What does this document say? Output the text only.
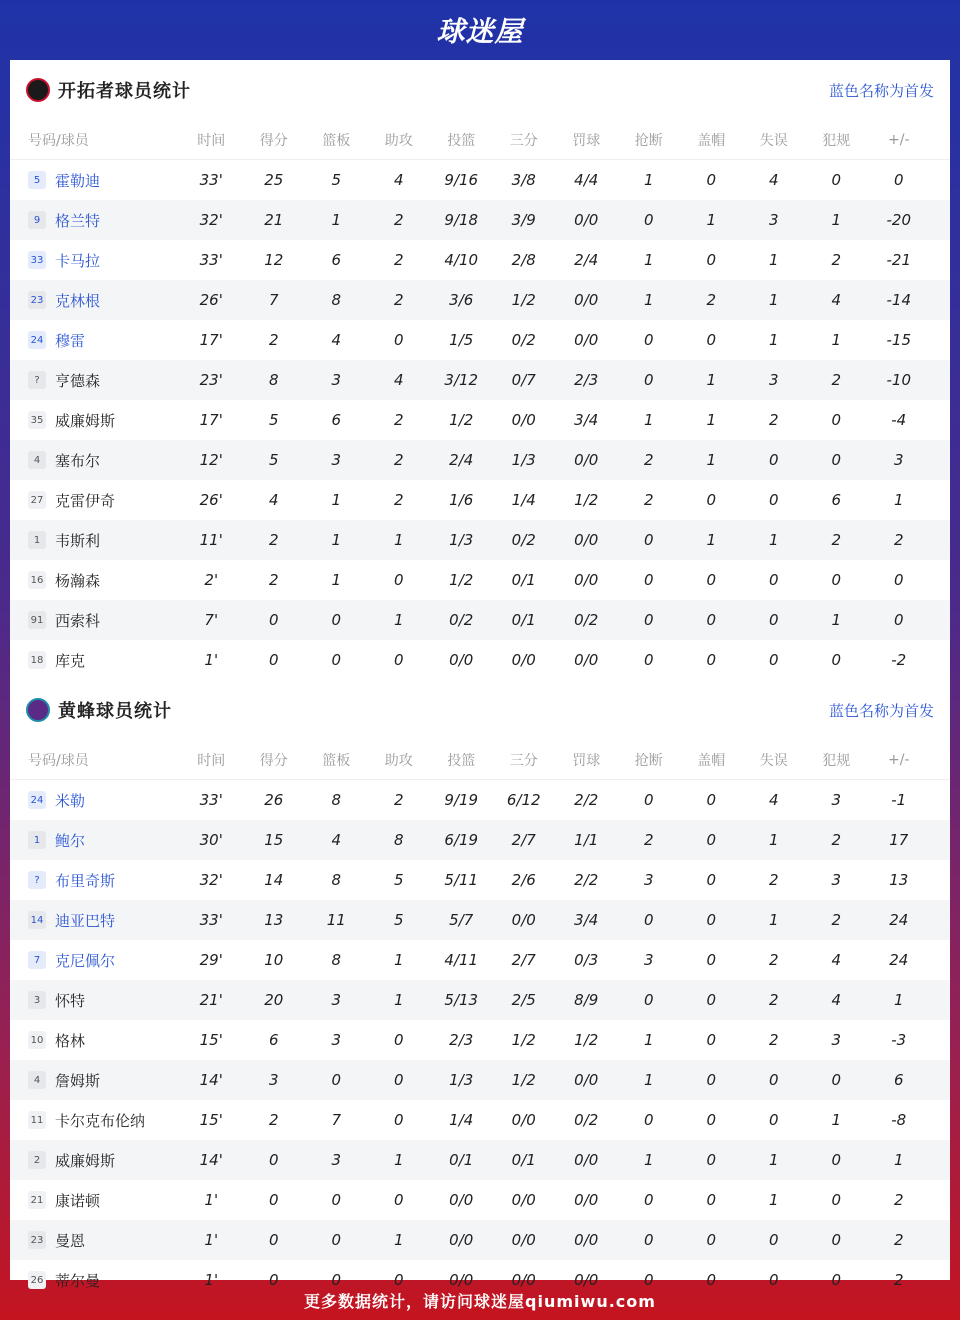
球迷屋
开拓者球员统计	蓝色名称为首发
号码/球员	时间	得分	篮板	助攻	投篮	三分	罚球	抢断	盖帽	失误	犯规	+/-
5 霍勒迪	33'	25	5	4	9/16	3/8	4/4	1	0	4	0	0
9 格兰特	32'	21	1	2	9/18	3/9	0/0	0	1	3	1	-20
33 卡马拉	33'	12	6	2	4/10	2/8	2/4	1	0	1	2	-21
23 克林根	26'	7	8	2	3/6	1/2	0/0	1	2	1	4	-14
24 穆雷	17'	2	4	0	1/5	0/2	0/0	0	0	1	1	-15
?	亨德森	23'	8	3	4	3/12	0/7	2/3	0	1	3	2	-10
35 威廉姆斯	17'	5	6	2	1/2	0/0	3/4	1	1	2	0	-4
4 塞布尔	12'	5	3	2	2/4	1/3	0/0	2	1	0	0	3
27 克雷伊奇	26'	4	1	2	1/6	1/4	1/2	2	0	0	6	1
1 韦斯利	11'	2	1	1	1/3	0/2	0/0	0	1	1	2	2
16 杨瀚森	2'	2	1	0	1/2	0/1	0/0	0	0	0	0	0
91 西索科	7'	0	0	1	0/2	0/1	0/2	0	0	0	1	0
18 库克	1'	0	0	0	0/0	0/0	0/0	0	0	0	0	-2
黄蜂球员统计	蓝色名称为首发
号码/球员	时间	得分	篮板	助攻	投篮	三分	罚球	抢断	盖帽	失误	犯规	+/-
24 米勒	33'	26	8	2	9/19	6/12	2/2	0	0	4	3	-1
1 鲍尔	30'	15	4	8	6/19	2/7	1/1	2	0	1	2	17
?	布里奇斯	32'	14	8	5	5/11	2/6	2/2	3	0	2	3	13
14 迪亚巴特	33'	13	11	5	5/7	0/0	3/4	0	0	1	2	24
7 克尼佩尔	29'	10	8	1	4/11	2/7	0/3	3	0	2	4	24
3 怀特	21'	20	3	1	5/13	2/5	8/9	0	0	2	4	1
10 格林	15'	6	3	0	2/3	1/2	1/2	1	0	2	3	-3
4 詹姆斯	14'	3	0	0	1/3	1/2	0/0	1	0	0	0	6
11 卡尔克布伦纳	15'	2	7	0	1/4	0/0	0/2	0	0	0	1	-8
2 威廉姆斯	14'	0	3	1	0/1	0/1	0/0	1	0	1	0	1
21 康诺顿	1'	0	0	0	0/0	0/0	0/0	0	0	1	0	2
23 曼恩	1'	0	0	1	0/0	0/0	0/0	0	0	0	0	2
26 蒂尔曼	1'	0	0	0	0/0	0/0	0/0	0	0	0	0	2
更多数据统计，请访问球迷屋qiumiwu.com
